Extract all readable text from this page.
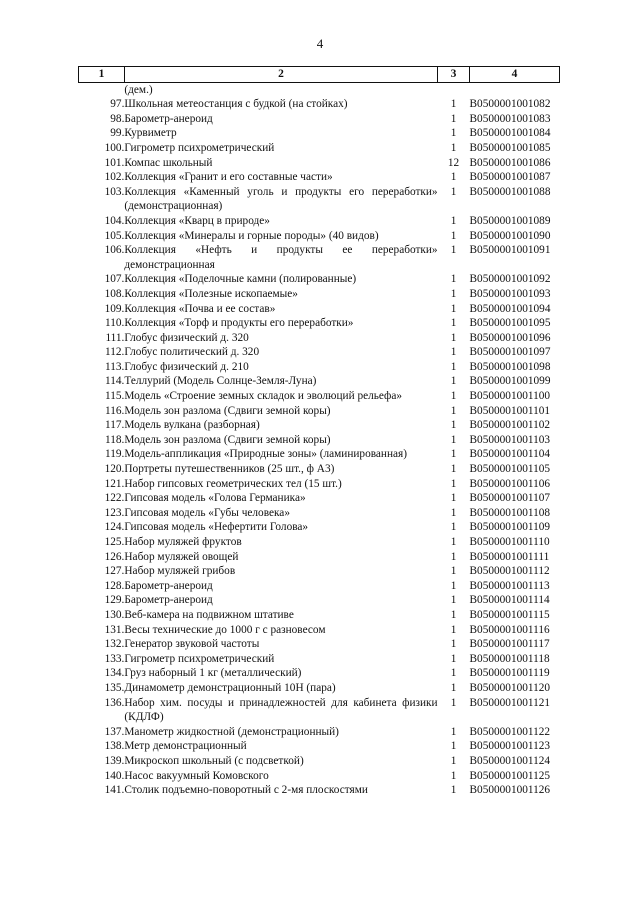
4
1	2	3	4
	(дем.)		
97.	Школьная метеостанция с будкой (на стойках)	1	B0500001001082
98.	Барометр-анероид	1	B0500001001083
99.	Курвиметр	1	B0500001001084
100.	Гигрометр психрометрический	1	B0500001001085
101.	Компас школьный	12	B0500001001086
102.	Коллекция «Гранит и его составные части»	1	B0500001001087
103.	Коллекция «Каменный уголь и продукты его переработки» (демонстрационная)	1	B0500001001088
104.	Коллекция «Кварц в природе»	1	B0500001001089
105.	Коллекция «Минералы и горные породы» (40 видов)	1	B0500001001090
106.	Коллекция «Нефть и продукты ее переработки» демонстрационная	1	B0500001001091
107.	Коллекция «Поделочные камни (полированные)	1	B0500001001092
108.	Коллекция «Полезные ископаемые»	1	B0500001001093
109.	Коллекция «Почва и ее состав»	1	B0500001001094
110.	Коллекция «Торф и продукты его переработки»	1	B0500001001095
111.	Глобус физический д. 320	1	B0500001001096
112.	Глобус политический д. 320	1	B0500001001097
113.	Глобус физический д. 210	1	B0500001001098
114.	Теллурий (Модель Солнце-Земля-Луна)	1	B0500001001099
115.	Модель «Строение земных складок и эволюций рельефа»	1	B0500001001100
116.	Модель зон разлома (Сдвиги земной коры)	1	B0500001001101
117.	Модель вулкана (разборная)	1	B0500001001102
118.	Модель зон разлома (Сдвиги земной коры)	1	B0500001001103
119.	Модель-аппликация «Природные зоны» (ламинированная)	1	B0500001001104
120.	Портреты путешественников (25 шт., ф А3)	1	B0500001001105
121.	Набор гипсовых геометрических тел (15 шт.)	1	B0500001001106
122.	Гипсовая модель «Голова Германика»	1	B0500001001107
123.	Гипсовая модель «Губы человека»	1	B0500001001108
124.	Гипсовая модель «Нефертити Голова»	1	B0500001001109
125.	Набор муляжей фруктов	1	B0500001001110
126.	Набор муляжей овощей	1	B0500001001111
127.	Набор муляжей грибов	1	B0500001001112
128.	Барометр-анероид	1	B0500001001113
129.	Барометр-анероид	1	B0500001001114
130.	Веб-камера на подвижном штативе	1	B0500001001115
131.	Весы технические до 1000 г с разновесом	1	B0500001001116
132.	Генератор звуковой частоты	1	B0500001001117
133.	Гигрометр психрометрический	1	B0500001001118
134.	Груз наборный 1 кг (металлический)	1	B0500001001119
135.	Динамометр демонстрационный 10Н (пара)	1	B0500001001120
136.	Набор хим. посуды и принадлежностей для кабинета физики (КДЛФ)	1	B0500001001121
137.	Манометр жидкостной (демонстрационный)	1	B0500001001122
138.	Метр демонстрационный	1	B0500001001123
139.	Микроскоп школьный (с подсветкой)	1	B0500001001124
140.	Насос вакуумный Комовского	1	B0500001001125
141.	Столик подъемно-поворотный с 2-мя плоскостями	1	B0500001001126
